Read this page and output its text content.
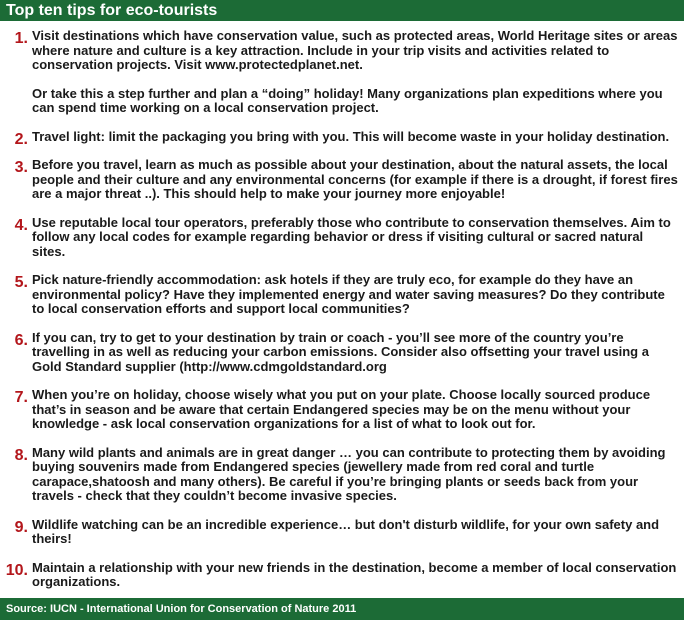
Top ten tips for eco-tourists
1. Visit destinations which have conservation value, such as protected areas, World Heritage sites or areas where nature and culture is a key attraction. Include in your trip visits and activities related to conservation projects. Visit www.protectedplanet.net.

Or take this a step further and plan a “doing” holiday! Many organizations plan expeditions where you can spend time working on a local conservation project.

2. Travel light: limit the packaging you bring with you. This will become waste in your holiday destination.

3. Before you travel, learn as much as possible about your destination, about the natural assets, the local people and their culture and any environmental concerns (for example if there is a drought, if forest fires are a major threat ..). This should help to make your journey more enjoyable!

4. Use reputable local tour operators, preferably those who contribute to conservation themselves. Aim to follow any local codes for example regarding behavior or dress if visiting cultural or sacred natural sites.

5. Pick nature-friendly accommodation: ask hotels if they are truly eco, for example do they have an environmental policy? Have they implemented energy and water saving measures? Do they contribute to local conservation efforts and support local communities?

6. If you can, try to get to your destination by train or coach - you’ll see more of the country you’re travelling in as well as reducing your carbon emissions. Consider also offsetting your travel using a Gold Standard supplier (http://www.cdmgoldstandard.org

7. When you’re on holiday, choose wisely what you put on your plate. Choose locally sourced produce that’s in season and be aware that certain Endangered species may be on the menu without your knowledge - ask local conservation organizations for a list of what to look out for.

8. Many wild plants and animals are in great danger … you can contribute to protecting them by avoiding buying souvenirs made from Endangered species (jewellery made from red coral and turtle carapace,shatoosh and many others). Be careful if you’re bringing plants or seeds back from your travels - check that they couldn’t become invasive species.

9. Wildlife watching can be an incredible experience… but don't disturb wildlife, for your own safety and theirs!

10. Maintain a relationship with your new friends in the destination, become a member of local conservation organizations.

Source: IUCN - International Union for Conservation of Nature 2011
